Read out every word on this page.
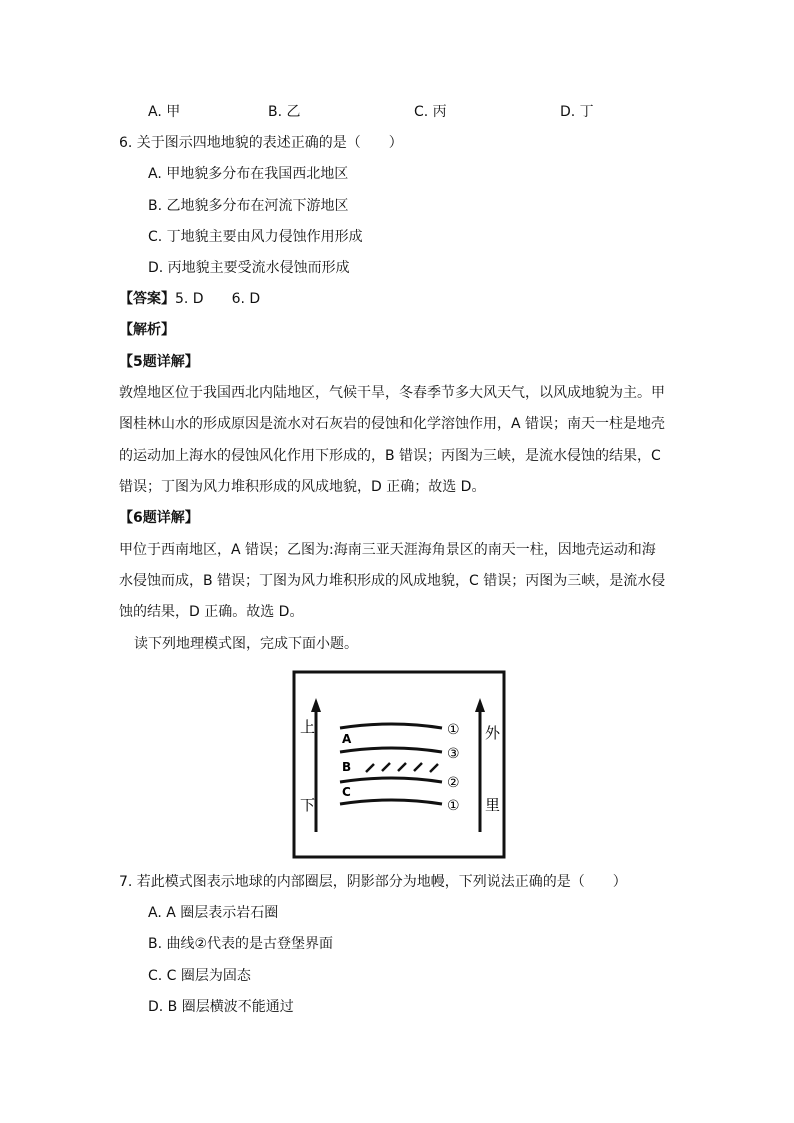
A. 甲	B. 乙	C. 丙	D. 丁
6. 关于图示四地地貌的表述正确的是（　　）
A. 甲地貌多分布在我国西北地区
B. 乙地貌多分布在河流下游地区
C. 丁地貌主要由风力侵蚀作用形成
D. 丙地貌主要受流水侵蚀而形成
【答案】5. D　　6. D
【解析】
【5题详解】
敦煌地区位于我国西北内陆地区，气候干旱，冬春季节多大风天气，以风成地貌为主。甲
图桂林山水的形成原因是流水对石灰岩的侵蚀和化学溶蚀作用，A 错误；南天一柱是地壳
的运动加上海水的侵蚀风化作用下形成的，B 错误；丙图为三峡，是流水侵蚀的结果，C
错误；丁图为风力堆积形成的风成地貌，D 正确；故选 D。
【6题详解】
甲位于西南地区，A 错误；乙图为:海南三亚天涯海角景区的南天一柱，因地壳运动和海
水侵蚀而成，B 错误；丁图为风力堆积形成的风成地貌，C 错误；丙图为三峡，是流水侵
蚀的结果，D 正确。故选 D。
读下列地理模式图，完成下面小题。
上
下
外
里
A
B
C
①
③
②
①
7. 若此模式图表示地球的内部圈层，阴影部分为地幔，下列说法正确的是（　　）
A. A 圈层表示岩石圈
B. 曲线②代表的是古登堡界面
C. C 圈层为固态
D. B 圈层横波不能通过
